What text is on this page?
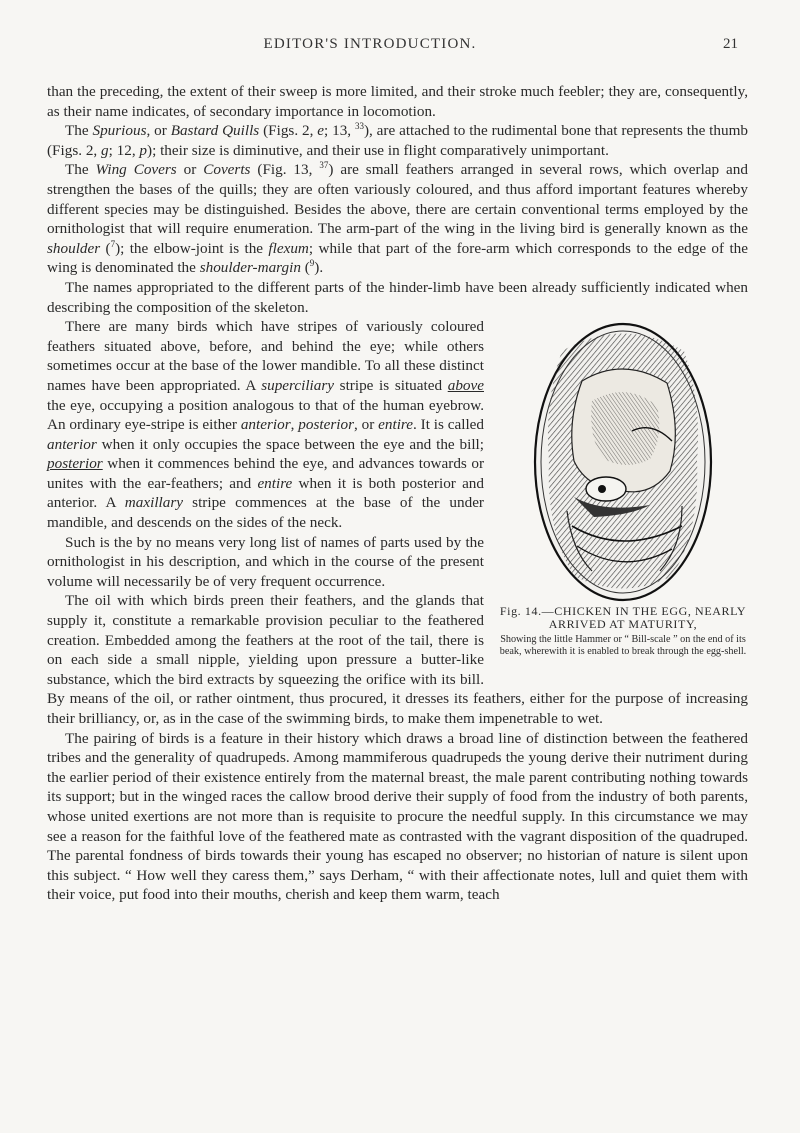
EDITOR'S INTRODUCTION.	21

than the preceding, the extent of their sweep is more limited, and their stroke much feebler; they are, consequently, as their name indicates, of secondary importance in locomotion.

The Spurious, or Bastard Quills (Figs. 2, e; 13, $^{33}$), are attached to the rudimental bone that represents the thumb (Figs. 2, g; 12, p); their size is diminutive, and their use in flight comparatively unimportant.

The Wing Covers or Coverts (Fig. 13, $^{37}$) are small feathers arranged in several rows, which overlap and strengthen the bases of the quills; they are often variously coloured, and thus afford important features whereby different species may be distinguished. Besides the above, there are certain conventional terms employed by the ornithologist that will require enumeration. The arm-part of the wing in the living bird is generally known as the shoulder ($^7$); the elbow-joint is the flexum; while that part of the fore-arm which corresponds to the edge of the wing is denominated the shoulder-margin ($^9$).

The names appropriated to the different parts of the hinder-limb have been already sufficiently indicated when describing the composition of the skeleton.

Fig. 14.—CHICKEN IN THE EGG, NEARLY ARRIVED AT MATURITY,
Showing the little Hammer or “ Bill-scale ” on the end of its beak, wherewith it is enabled to break through the egg-shell.

There are many birds which have stripes of variously coloured feathers situated above, before, and behind the eye; while others sometimes occur at the base of the lower mandible. To all these distinct names have been appropriated. A superciliary stripe is situated above the eye, occupying a position analogous to that of the human eyebrow. An ordinary eye-stripe is either anterior, posterior, or entire. It is called anterior when it only occupies the space between the eye and the bill; posterior when it commences behind the eye, and advances towards or unites with the ear-feathers; and entire when it is both posterior and anterior. A maxillary stripe commences at the base of the under mandible, and descends on the sides of the neck.

Such is the by no means very long list of names of parts used by the ornithologist in his description, and which in the course of the present volume will necessarily be of very frequent occurrence.

The oil with which birds preen their feathers, and the glands that supply it, constitute a remarkable provision peculiar to the feathered creation. Embedded among the feathers at the root of the tail, there is on each side a small nipple, yielding upon pressure a butter-like substance, which the bird extracts by squeezing the orifice with its bill. By means of the oil, or rather ointment, thus procured, it dresses its feathers, either for the purpose of increasing their brilliancy, or, as in the case of the swimming birds, to make them impenetrable to wet.

The pairing of birds is a feature in their history which draws a broad line of distinction between the feathered tribes and the generality of quadrupeds. Among mammiferous quadrupeds the young derive their nutriment during the earlier period of their existence entirely from the maternal breast, the male parent contributing nothing towards its support; but in the winged races the callow brood derive their supply of food from the industry of both parents, whose united exertions are not more than is requisite to procure the needful supply. In this circumstance we may see a reason for the faithful love of the feathered mate as contrasted with the vagrant disposition of the quadruped. The parental fondness of birds towards their young has escaped no observer; no historian of nature is silent upon this subject. “ How well they caress them,” says Derham, “ with their affectionate notes, lull and quiet them with their voice, put food into their mouths, cherish and keep them warm, teach
